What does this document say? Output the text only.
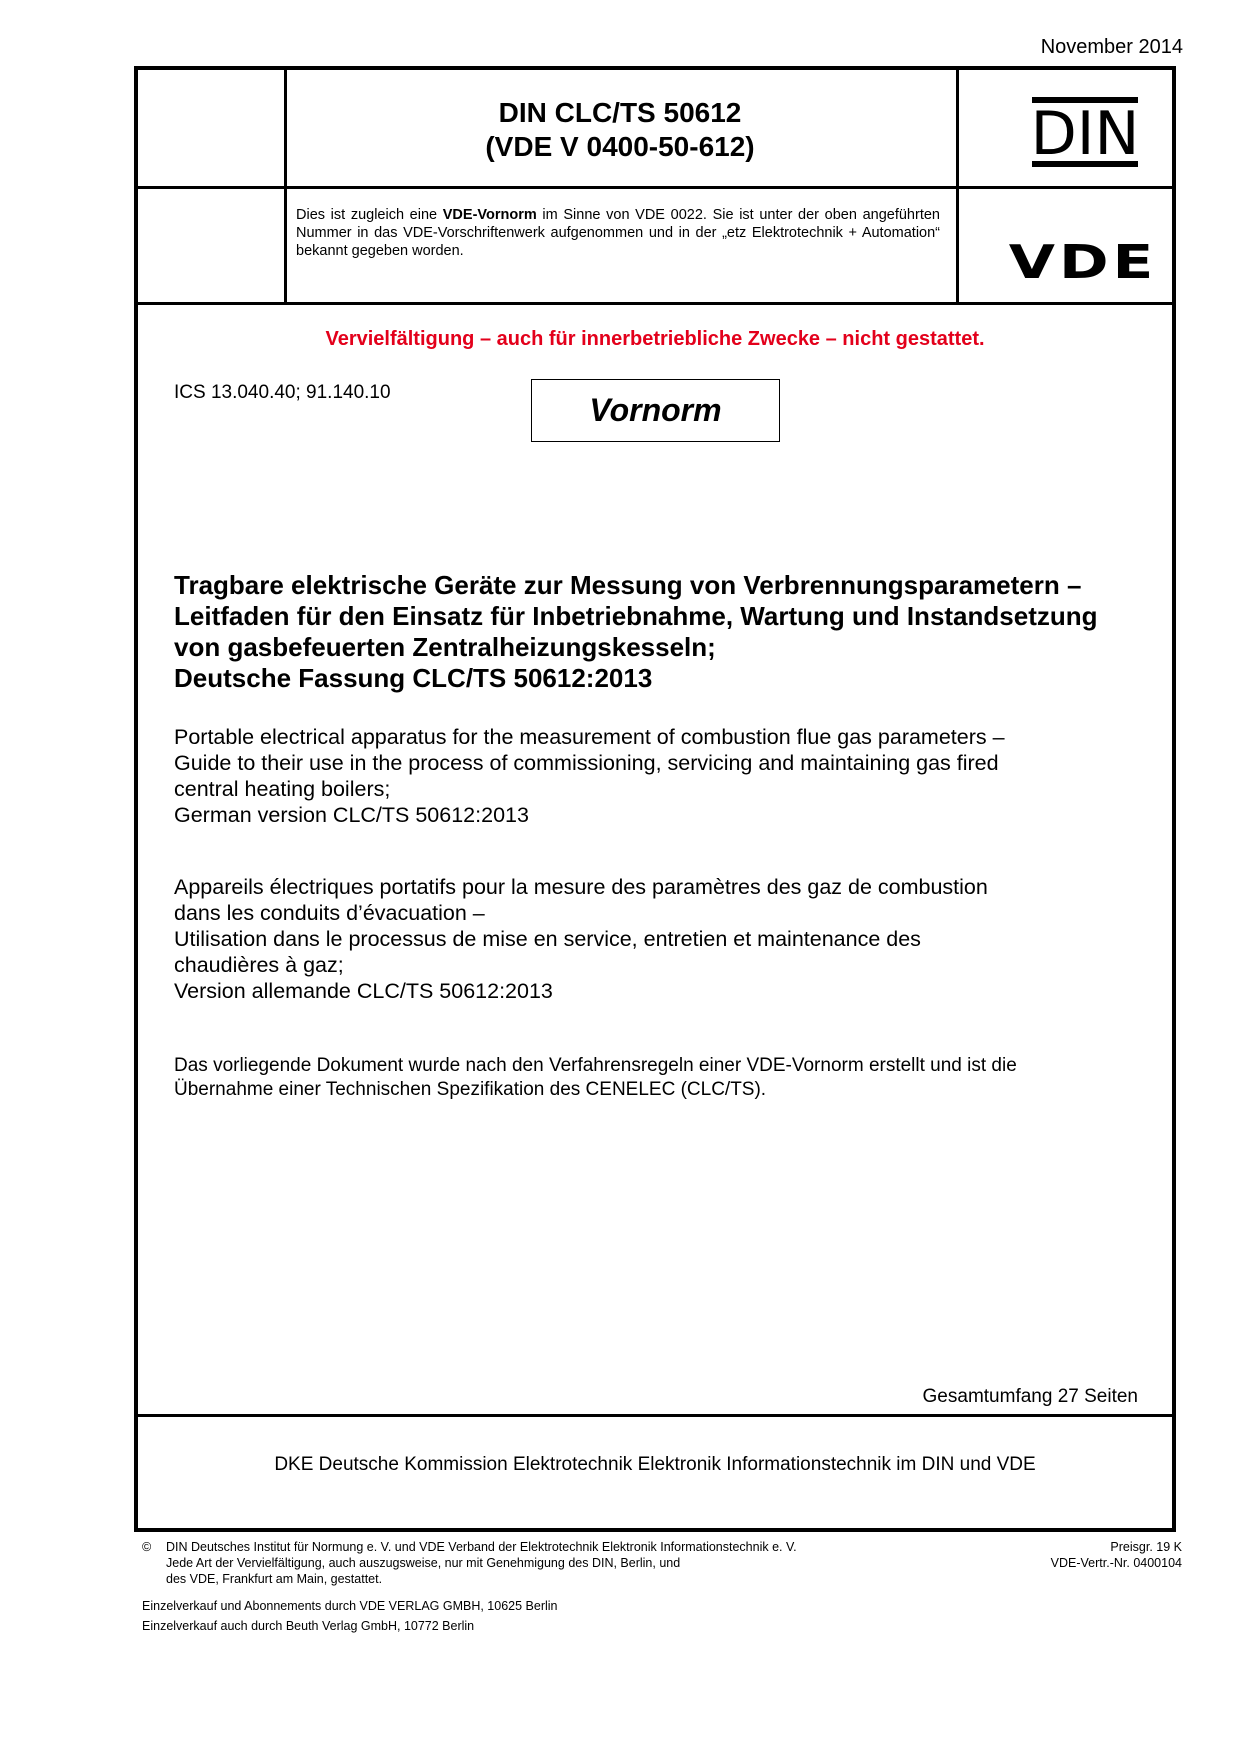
November 2014
DIN CLC/TS 50612
(VDE V 0400-50-612)	DIN
Dies ist zugleich eine VDE-Vornorm im Sinne von VDE 0022. Sie ist unter der oben angeführten Nummer in das VDE-Vorschriftenwerk aufgenommen und in der „etz Elektrotechnik + Automation“ bekannt gegeben worden.	VDE
Vervielfältigung – auch für innerbetriebliche Zwecke – nicht gestattet.
ICS 13.040.40; 91.140.10	Vornorm
Tragbare elektrische Geräte zur Messung von Verbrennungsparametern –
Leitfaden für den Einsatz für Inbetriebnahme, Wartung und Instandsetzung
von gasbefeuerten Zentralheizungskesseln;
Deutsche Fassung CLC/TS 50612:2013
Portable electrical apparatus for the measurement of combustion flue gas parameters –
Guide to their use in the process of commissioning, servicing and maintaining gas fired
central heating boilers;
German version CLC/TS 50612:2013
Appareils électriques portatifs pour la mesure des paramètres des gaz de combustion
dans les conduits d’évacuation –
Utilisation dans le processus de mise en service, entretien et maintenance des
chaudières à gaz;
Version allemande CLC/TS 50612:2013
Das vorliegende Dokument wurde nach den Verfahrensregeln einer VDE-Vornorm erstellt und ist die
Übernahme einer Technischen Spezifikation des CENELEC (CLC/TS).
Gesamtumfang 27 Seiten
DKE Deutsche Kommission Elektrotechnik Elektronik Informationstechnik im DIN und VDE
© DIN Deutsches Institut für Normung e. V. und VDE Verband der Elektrotechnik Elektronik Informationstechnik e. V.
Jede Art der Vervielfältigung, auch auszugsweise, nur mit Genehmigung des DIN, Berlin, und
des VDE, Frankfurt am Main, gestattet.
Preisgr. 19 K
VDE-Vertr.-Nr. 0400104
Einzelverkauf und Abonnements durch VDE VERLAG GMBH, 10625 Berlin
Einzelverkauf auch durch Beuth Verlag GmbH, 10772 Berlin
